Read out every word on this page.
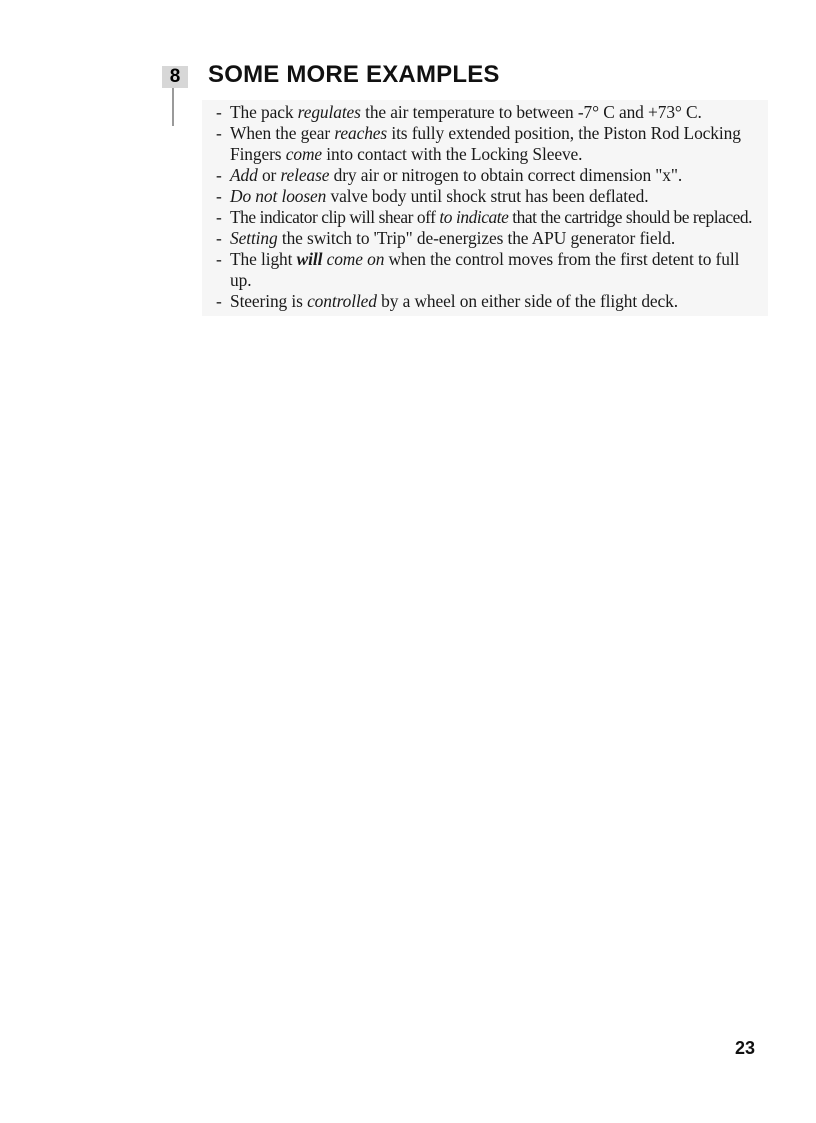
8 SOME MORE EXAMPLES
- The pack regulates the air temperature to between -7° C and +73° C.
- When the gear reaches its fully extended position, the Piston Rod Locking
Fingers come into contact with the Locking Sleeve.
- Add or release dry air or nitrogen to obtain correct dimension "x".
- Do not loosen valve body until shock strut has been deflated.
- The indicator clip will shear off to indicate that the cartridge should be replaced.
- Setting the switch to 'Trip" de-energizes the APU generator field.
- The light will come on when the control moves from the first detent to full up.
- Steering is controlled by a wheel on either side of the flight deck.
23
